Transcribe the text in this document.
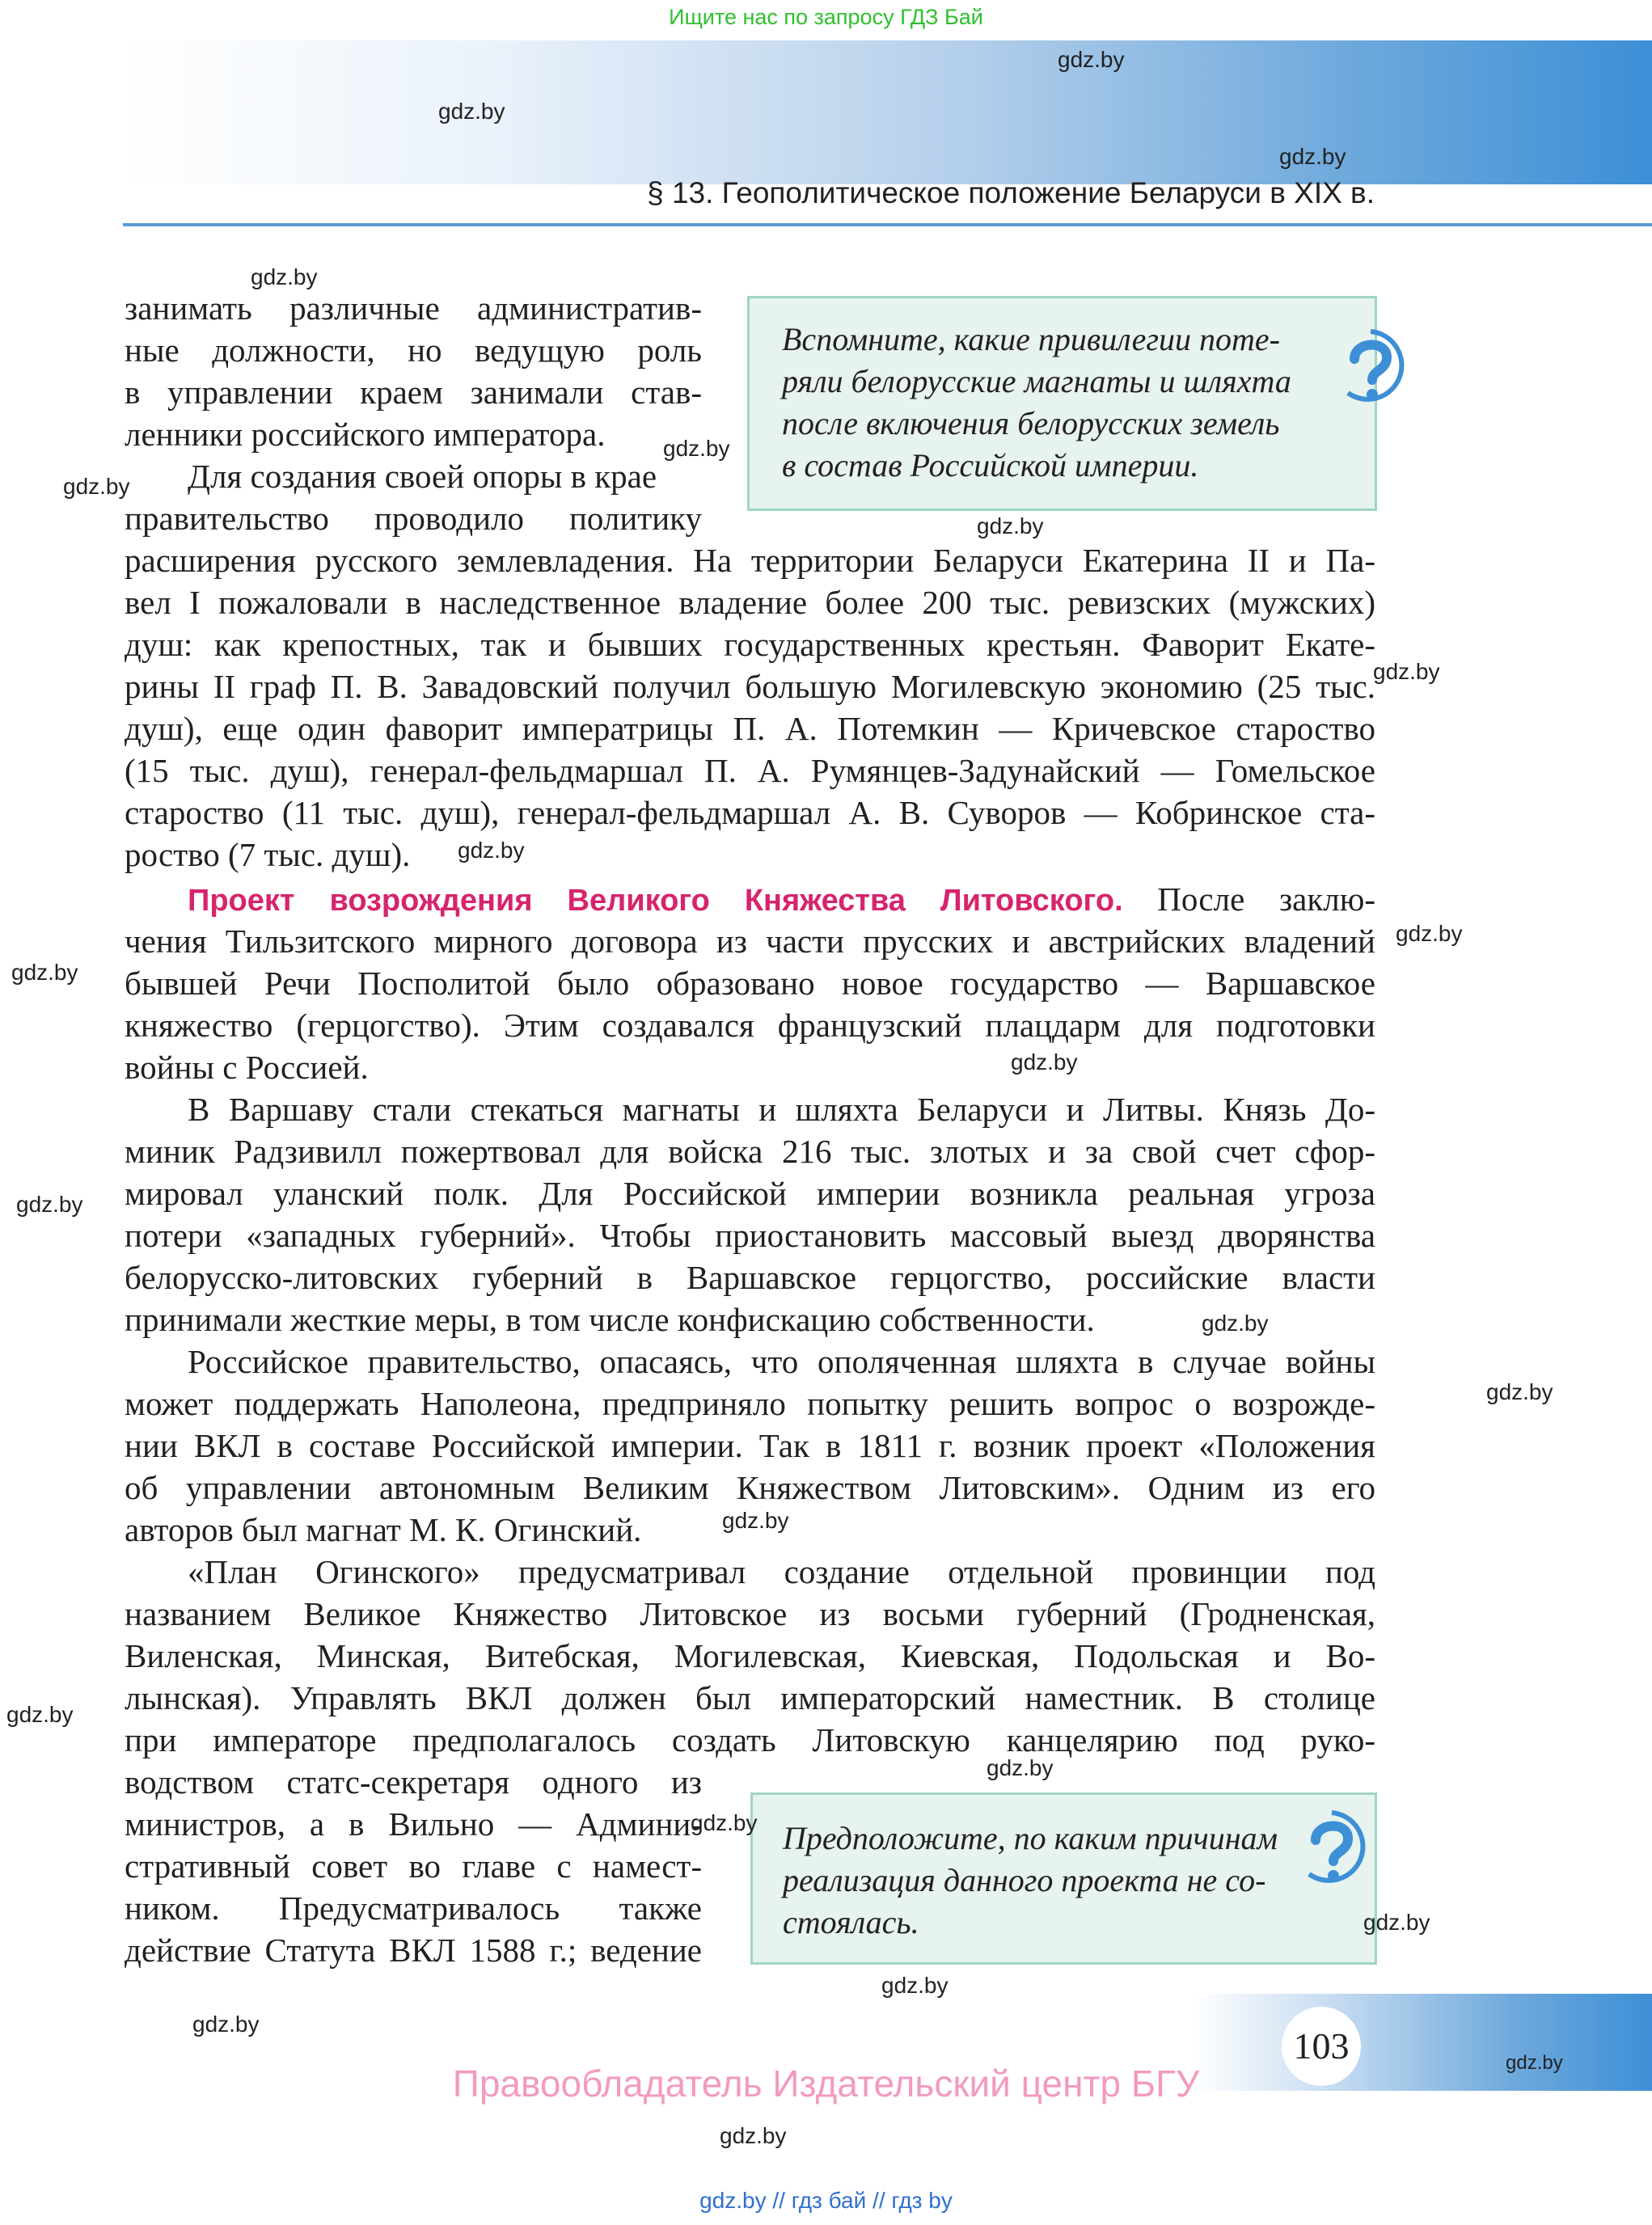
Ищите нас по запросу ГДЗ Бай
§ 13. Геополитическое положение Беларуси в XIX в.
занимать различные административ-
ные должности, но ведущую роль
в управлении краем занимали став-
ленники российского императора.
Для создания своей опоры в крае
правительство проводило политику
Вспомните, какие привилегии поте-
ряли белорусские магнаты и шляхта
после включения белорусских земель
в состав Российской империи.
расширения русского землевладения. На территории Беларуси Екатерина II и Па-
вел I пожаловали в наследственное владение более 200 тыс. ревизских (мужских)
душ: как крепостных, так и бывших государственных крестьян. Фаворит Екате-
рины II граф П. В. Завадовский получил большую Могилевскую экономию (25 тыс.
душ), еще один фаворит императрицы П. А. Потемкин — Кричевское староство
(15 тыс. душ), генерал-фельдмаршал П. А. Румянцев-Задунайский — Гомельское
староство (11 тыс. душ), генерал-фельдмаршал А. В. Суворов — Кобринское ста-
роство (7 тыс. душ).
Проект возрождения Великого Княжества Литовского. После заклю-
чения Тильзитского мирного договора из части прусских и австрийских владений
бывшей Речи Посполитой было образовано новое государство — Варшавское
княжество (герцогство). Этим создавался французский плацдарм для подготовки
войны с Россией.
В Варшаву стали стекаться магнаты и шляхта Беларуси и Литвы. Князь До-
миник Радзивилл пожертвовал для войска 216 тыс. злотых и за свой счет сфор-
мировал уланский полк. Для Российской империи возникла реальная угроза
потери «западных губерний». Чтобы приостановить массовый выезд дворянства
белорусско-литовских губерний в Варшавское герцогство, российские власти
принимали жесткие меры, в том числе конфискацию собственности.
Российское правительство, опасаясь, что ополяченная шляхта в случае войны
может поддержать Наполеона, предприняло попытку решить вопрос о возрожде-
нии ВКЛ в составе Российской империи. Так в 1811 г. возник проект «Положения
об управлении автономным Великим Княжеством Литовским». Одним из его
авторов был магнат М. К. Огинский.
«План Огинского» предусматривал создание отдельной провинции под
названием Великое Княжество Литовское из восьми губерний (Гродненская,
Виленская, Минская, Витебская, Могилевская, Киевская, Подольская и Во-
лынская). Управлять ВКЛ должен был императорский наместник. В столице
при императоре предполагалось создать Литовскую канцелярию под руко-
водством статс-секретаря одного из
министров, а в Вильно — Админи-
стративный совет во главе с намест-
ником. Предусматривалось также
действие Статута ВКЛ 1588 г.; ведение
Предположите, по каким причинам
реализация данного проекта не со-
стоялась.
103
Правообладатель Издательский центр БГУ
gdz.by // гдз бай // гдз by
gdz.by
gdz.by
gdz.by
gdz.by
gdz.by
gdz.by
gdz.by
gdz.by
gdz.by
gdz.by
gdz.by
gdz.by
gdz.by
gdz.by
gdz.by
gdz.by
gdz.by
gdz.by
gdz.by
gdz.by
gdz.by
gdz.by
gdz.by
gdz.by
